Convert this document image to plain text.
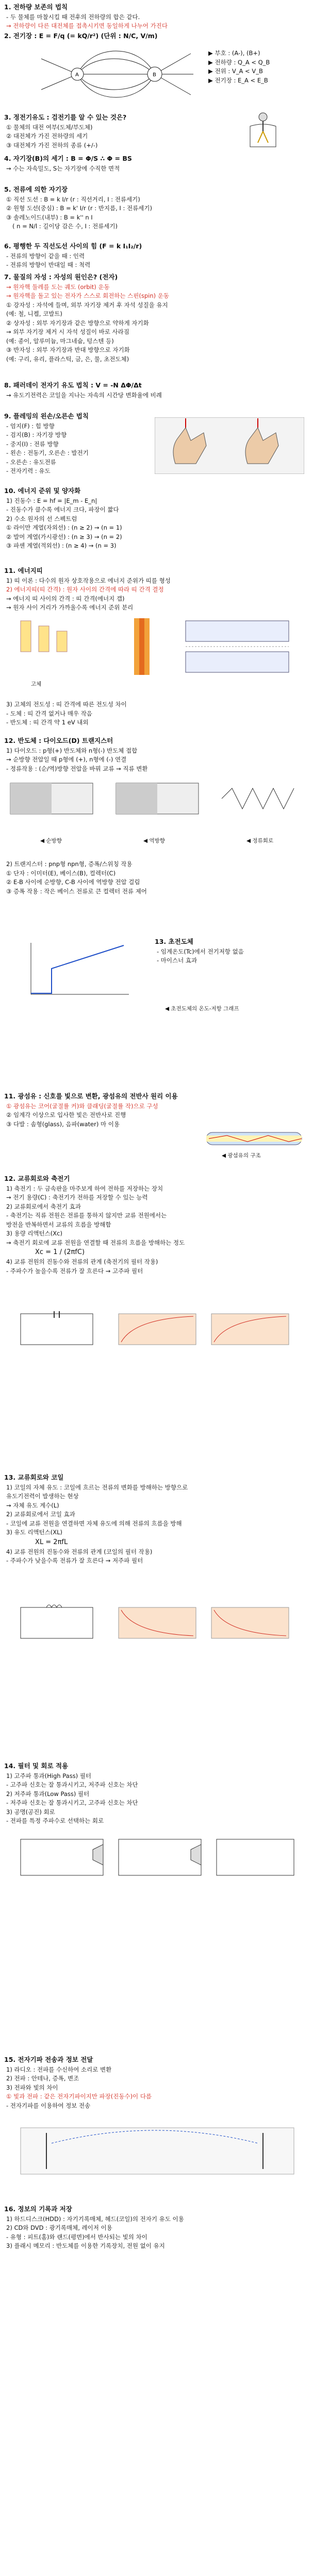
1. 전하량 보존의 법칙
- 두 물체를 마찰시킬 때 전후의 전하량의 합은 같다.
→ 전하량이 다른 대전체를 접촉시키면 동일하게 나누어 가진다
2. 전기장 : E = F/q (= kQ/r²) (단위 : N/C, V/m)
A	B
▶ 부호 : (A-), (B+)
▶ 전하량 : Q_A < Q_B
▶ 전위 : V_A < V_B
▶ 전기장 : E_A < E_B
3. 정전기유도 : 검전기를 알 수 있는 것은?
① 물체의 대전 여부(도체/부도체)
② 대전체가 가진 전하량의 세기
③ 대전체가 가진 전하의 종류 (+/-)
4. 자기장(B)의 세기 : B = Φ/S ∴ Φ = BS
→ 수는 자속밀도, S는 자기장에 수직한 면적
5. 전류에 의한 자기장
① 직선 도선 : B = k I/r (r : 직선거리, I : 전류세기)
② 원형 도선(중심) : B = k' I/r (r : 반지름, I : 전류세기)
③ 솔레노이드(내부) : B = k'' n I
( n = N/l : 길이당 감은 수, I : 전류세기)
6. 평행한 두 직선도선 사이의 힘 (F = k I₁I₂/r)
- 전류의 방향이 같을 때 : 인력
- 전류의 방향이 반대일 때 : 척력
7. 물질의 자성 : 자성의 원인은? (전자)
→ 원자핵 둘레를 도는 궤도 (orbit) 운동
→ 원자핵을 돌고 있는 전자가 스스로 회전하는 스핀(spin) 운동
① 강자성 : 자석에 들며, 외부 자기장 제거 후 자석 성질을 유지
(예: 철, 니켈, 코발트)
② 상자성 : 외부 자기장과 같은 방향으로 약하게 자기화
→ 외부 자기장 제거 시 자석 성질이 바로 사라짐
(예: 종이, 알루미늄, 마그네슘, 텅스텐 등)
③ 반자성 : 외부 자기장과 반대 방향으로 자기화
(예: 구리, 유리, 플라스틱, 금, 은, 물, 초전도체)
8. 패러데이 전자기 유도 법칙 : V = -N ΔΦ/Δt
→ 유도기전력은 코일을 지나는 자속의 시간당 변화율에 비례
9. 플레밍의 왼손/오른손 법칙
- 엄지(F) : 힘 방향
- 검지(B) : 자기장 방향
- 중지(I) : 전류 방향
- 왼손 : 전동기, 오른손 : 발전기
- 오른손 : 유도전류
- 전자기력 : 유도
10. 에너지 준위 및 양자화
1) 진동수 : E = hf = |E_m - E_n|
- 진동수가 클수록 에너지 크다, 파장이 짧다
2) 수소 원자의 선 스펙트럼
① 라이만 계열(자외선) : (n ≥ 2) → (n = 1)
② 발머 계열(가시광선) : (n ≥ 3) → (n = 2)
③ 파셴 계열(적외선) : (n ≥ 4) → (n = 3)
11. 에너지띠
1) 띠 이론 : 다수의 원자 상호작용으로 에너지 준위가 띠를 형성
2) 에너지띠(띠 간격) : 원자 사이의 간격에 따라 띠 간격 결정
→ 에너지 띠 사이의 간격 : 띠 간격(에너지 갭)
→ 원자 사이 거리가 가까울수록 에너지 준위 분리
고체
3) 고체의 전도성 : 띠 간격에 따른 전도성 차이
- 도체 : 띠 간격 없거나 매우 작음
- 반도체 : 띠 간격 약 1 eV 내외
12. 반도체 : 다이오드(D) 트랜지스터
1) 다이오드 : p형(+) 반도체와 n형(-) 반도체 접합
→ 순방향 전압일 때 p형에 (+), n형에 (-) 연결
- 정류작용 : (순/역)방향 전압을 바꿔 교류 → 직류 변환
◀ 순방향	◀ 역방향	◀ 정류회로
2) 트랜지스터 : pnp형 npn형, 증폭/스위칭 작용
① 단자 : 이미터(E), 베이스(B), 컬렉터(C)
② E-B 사이에 순방향, C-B 사이에 역방향 전압 걸림
③ 증폭 작용 : 작은 베이스 전류로 큰 컬렉터 전류 제어
13. 초전도체
- 임계온도(Tc)에서 전기저항 없음
- 마이스너 효과
◀ 초전도체의 온도-저항 그래프
11. 광섬유 : 신호를 빛으로 변환, 광섬유의 전반사 원리 이용
① 광섬유는 코어(굴절률 커)와 클래딩(굴절률 작)으로 구성
② 임계각 이상으로 입사한 빛은 전반사로 진행
③ 다발 : 솜형(glass), 음파(water) 마 이용
◀ 광섬유의 구조
12. 교류회로와 축전기
1) 축전기 : 두 금속판을 마주보게 하여 전하를 저장하는 장치
→ 전기 용량(C) : 축전기가 전하를 저장할 수 있는 능력
2) 교류회로에서 축전기 효과
- 축전기는 직류 전원은 전류를 통하지 않지만 교류 전원에서는
방전을 반복하면서 교류의 흐름을 방해함
3) 용량 리액턴스(Xc)
→ 축전기 회로에 교류 전원을 연결할 때 전류의 흐름을 방해하는 정도
Xc = 1 / (2πfC)
4) 교류 전원의 진동수와 전류의 관계 (축전기의 필터 작용)
- 주파수가 높을수록 전류가 잘 흐른다 → 고주파 필터
13. 교류회로와 코일
1) 코일의 자체 유도 : 코일에 흐르는 전류의 변화를 방해하는 방향으로
유도기전력이 발생하는 현상
→ 자체 유도 계수(L)
2) 교류회로에서 코일 효과
- 코일에 교류 전원을 연결하면 자체 유도에 의해 전류의 흐름을 방해
3) 유도 리액턴스(XL)
XL = 2πfL
4) 교류 전원의 진동수와 전류의 관계 (코일의 필터 작용)
- 주파수가 낮을수록 전류가 잘 흐른다 → 저주파 필터
14. 필터 및 회로 적용
1) 고주파 통과(High Pass) 필터
- 고주파 신호는 잘 통과시키고, 저주파 신호는 차단
2) 저주파 통과(Low Pass) 필터
- 저주파 신호는 잘 통과시키고, 고주파 신호는 차단
3) 공명(공진) 회로
- 전파를 특정 주파수로 선택하는 회로
15. 전자기파 전송과 정보 전달
1) 라디오 : 전파를 수신하여 소리로 변환
2) 전파 : 안테나, 증폭, 변조
3) 전파와 빛의 차이
① 빛과 전파 : 같은 전자기파이지만 파장(진동수)이 다름
- 전자기파를 이용하여 정보 전송
16. 정보의 기록과 저장
1) 하드디스크(HDD) : 자기기록매체, 헤드(코일)의 전자기 유도 이용
2) CD와 DVD : 광기록매체, 레이저 이용
- 유형 : 피트(홈)와 랜드(평면)에서 반사되는 빛의 차이
3) 플래시 메모리 : 반도체를 이용한 기록장치, 전원 없이 유지
